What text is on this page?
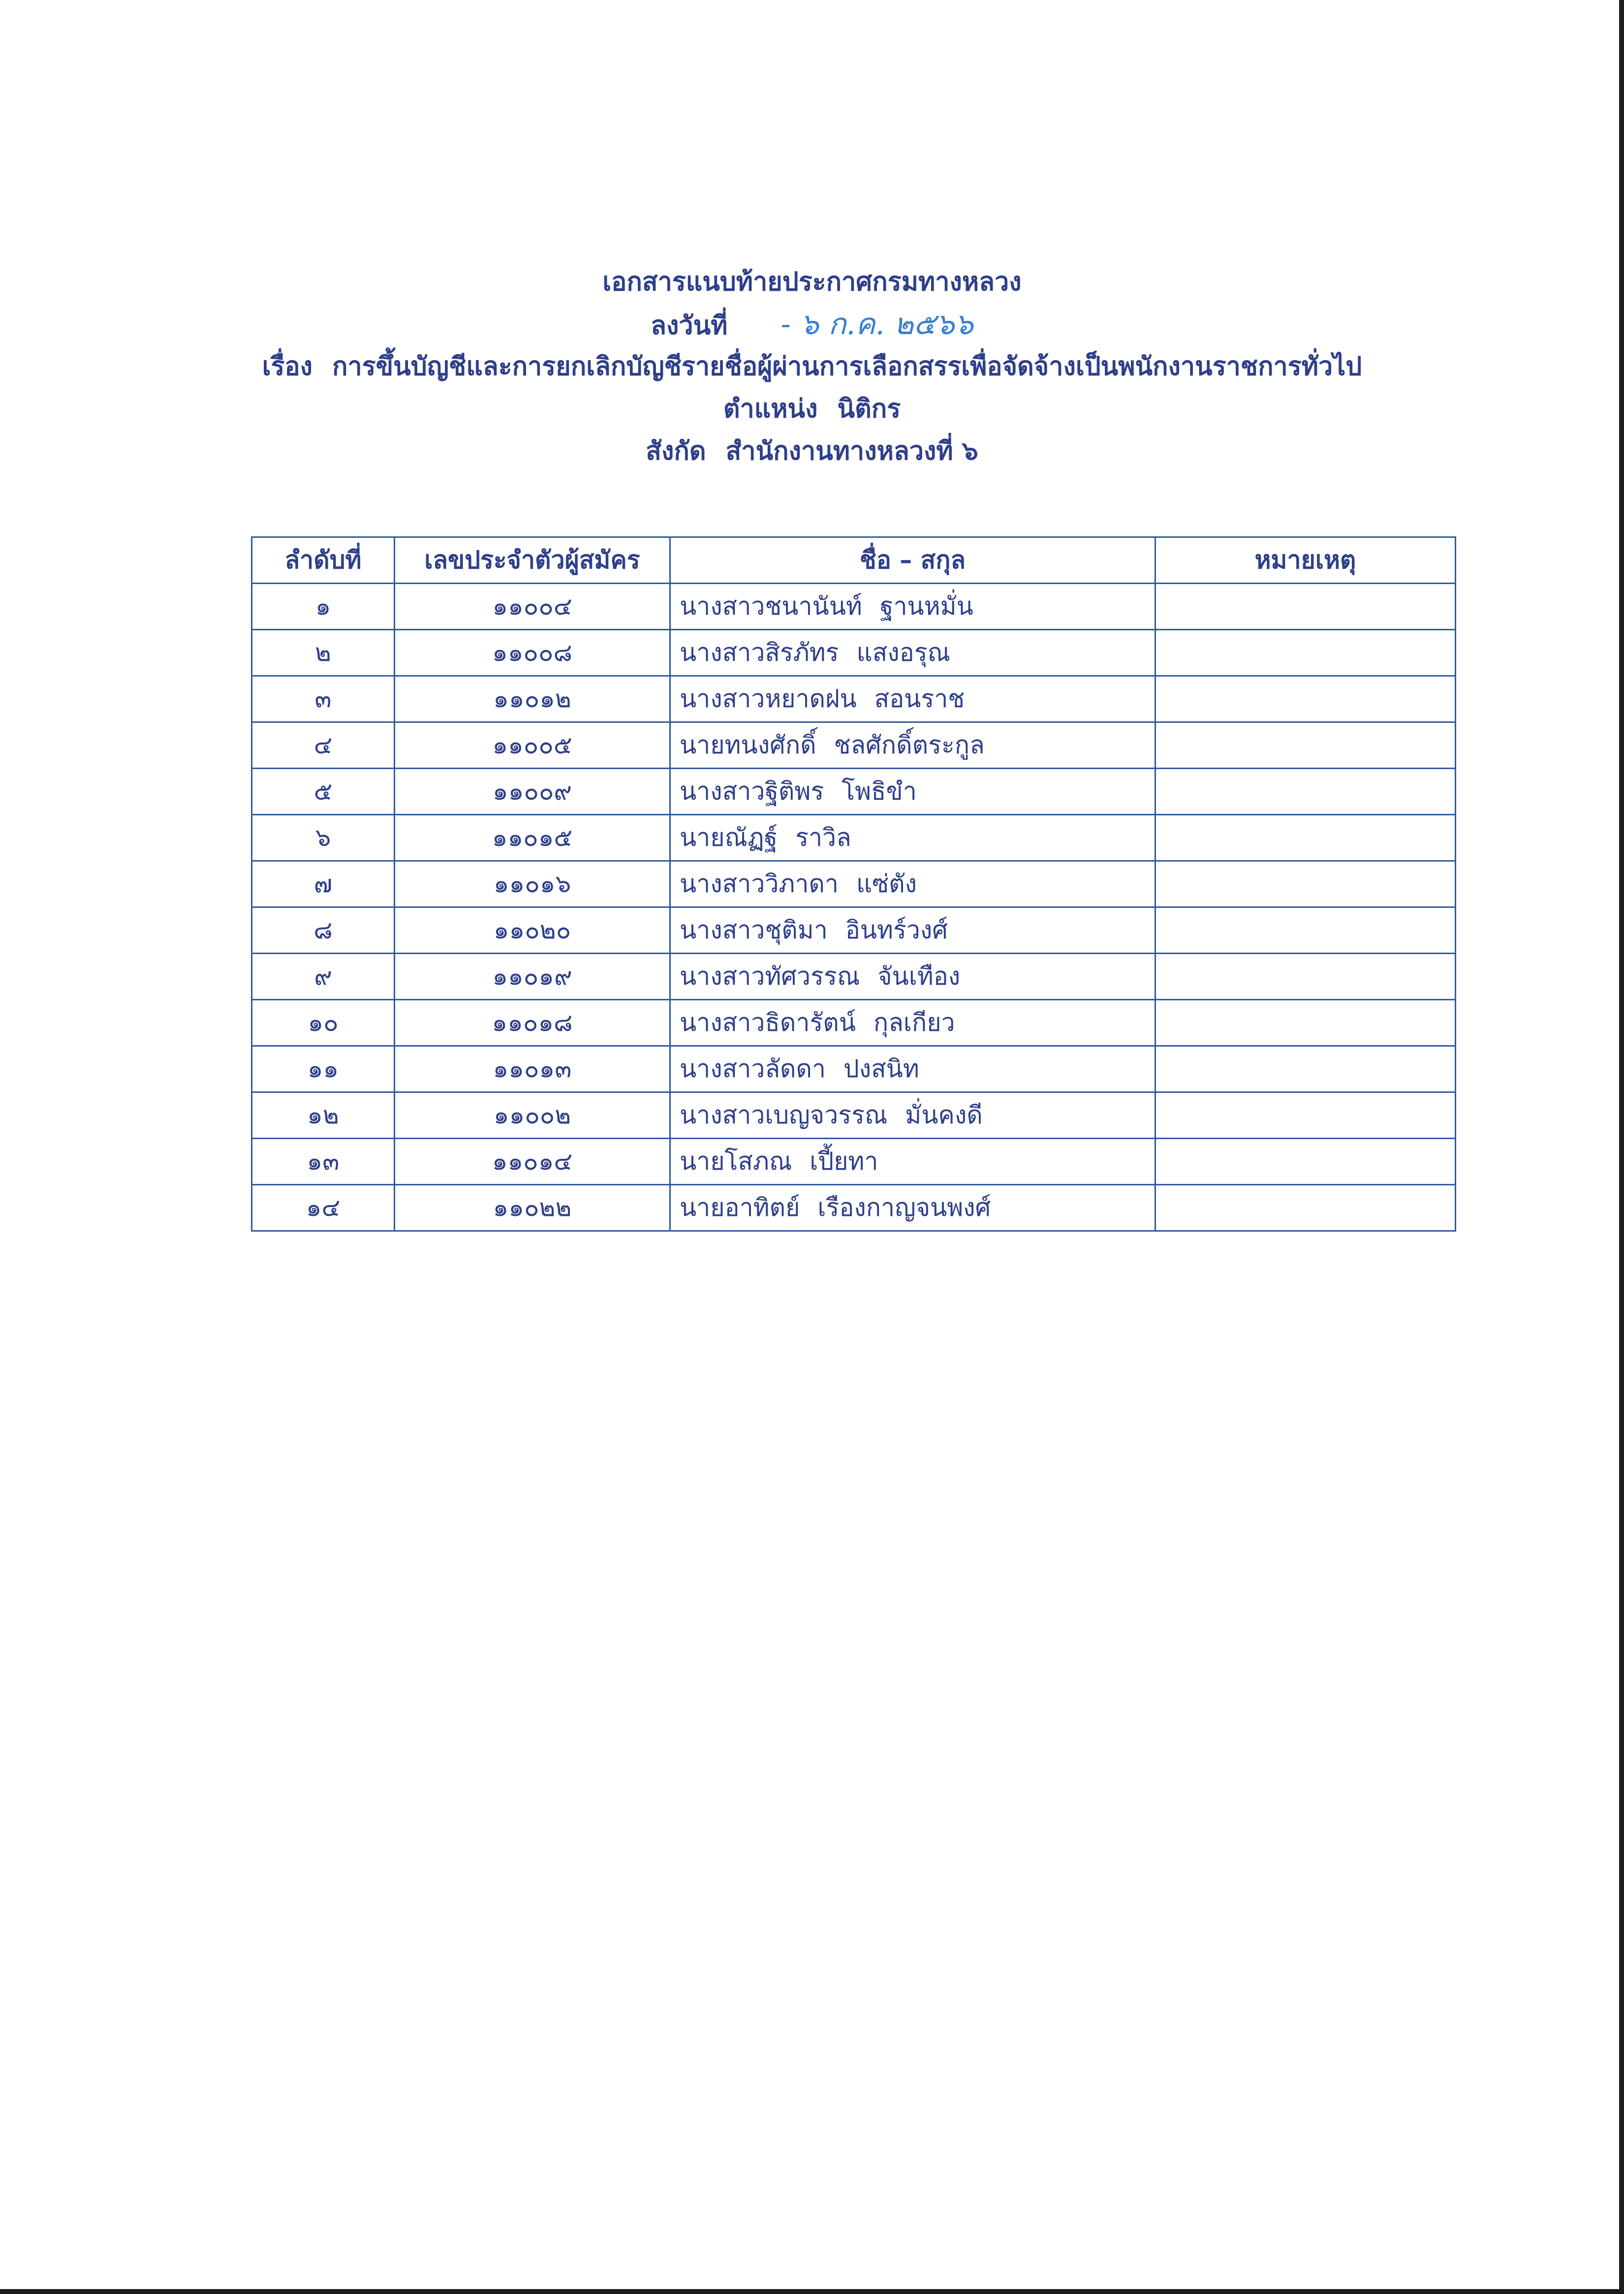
เอกสารแนบท้ายประกาศกรมทางหลวง
ลงวันที่ - ๖ ก.ค. ๒๕๖๖
เรื่อง การขึ้นบัญชีและการยกเลิกบัญชีรายชื่อผู้ผ่านการเลือกสรรเพื่อจัดจ้างเป็นพนักงานราชการทั่วไป
ตำแหน่ง นิติกร
สังกัด สำนักงานทางหลวงที่ ๖
ลำดับที่	เลขประจำตัวผู้สมัคร	ชื่อ – สกุล	หมายเหตุ
๑	๑๑๐๐๔	นางสาวชนานันท์ ฐานหมั่น	
๒	๑๑๐๐๘	นางสาวสิรภัทร แสงอรุณ	
๓	๑๑๐๑๒	นางสาวหยาดฝน สอนราช	
๔	๑๑๐๐๕	นายทนงศักดิ์ ชลศักดิ์ตระกูล	
๕	๑๑๐๐๙	นางสาวฐิติพร โพธิขำ	
๖	๑๑๐๑๕	นายณัฏฐ์ ราวิล	
๗	๑๑๐๑๖	นางสาววิภาดา แซ่ตัง	
๘	๑๑๐๒๐	นางสาวชุติมา อินทร์วงศ์	
๙	๑๑๐๑๙	นางสาวทัศวรรณ จันเทือง	
๑๐	๑๑๐๑๘	นางสาวธิดารัตน์ กุลเกียว	
๑๑	๑๑๐๑๓	นางสาวลัดดา ปงสนิท	
๑๒	๑๑๐๐๒	นางสาวเบญจวรรณ มั่นคงดี	
๑๓	๑๑๐๑๔	นายโสภณ เปี้ยทา	
๑๔	๑๑๐๒๒	นายอาทิตย์ เรืองกาญจนพงศ์	
